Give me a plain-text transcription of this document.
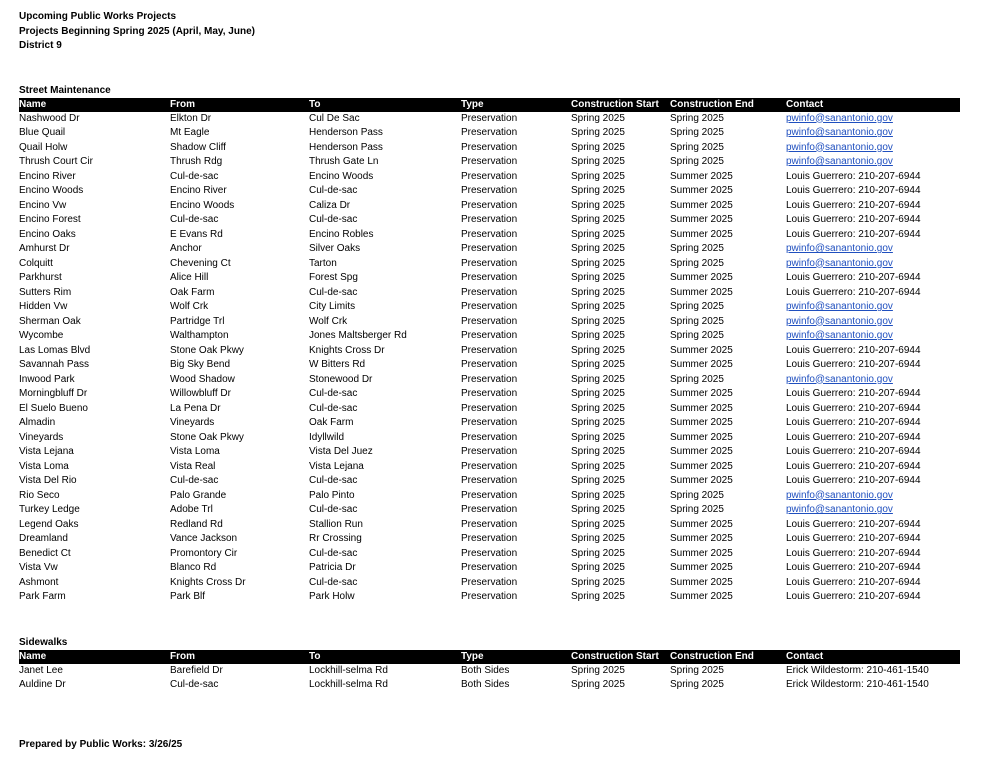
Upcoming Public Works Projects
Projects Beginning Spring 2025 (April, May, June)
District 9
Street Maintenance
Name	From	To	Type	Construction Start	Construction End	Contact
Nashwood Dr	Elkton Dr	Cul De Sac	Preservation	Spring 2025	Spring 2025	pwinfo@sanantonio.gov
Blue Quail	Mt Eagle	Henderson Pass	Preservation	Spring 2025	Spring 2025	pwinfo@sanantonio.gov
Quail Holw	Shadow Cliff	Henderson Pass	Preservation	Spring 2025	Spring 2025	pwinfo@sanantonio.gov
Thrush Court Cir	Thrush Rdg	Thrush Gate Ln	Preservation	Spring 2025	Spring 2025	pwinfo@sanantonio.gov
Encino River	Cul-de-sac	Encino Woods	Preservation	Spring 2025	Summer 2025	Louis Guerrero: 210-207-6944
Encino Woods	Encino River	Cul-de-sac	Preservation	Spring 2025	Summer 2025	Louis Guerrero: 210-207-6944
Encino Vw	Encino Woods	Caliza Dr	Preservation	Spring 2025	Summer 2025	Louis Guerrero: 210-207-6944
Encino Forest	Cul-de-sac	Cul-de-sac	Preservation	Spring 2025	Summer 2025	Louis Guerrero: 210-207-6944
Encino Oaks	E Evans Rd	Encino Robles	Preservation	Spring 2025	Summer 2025	Louis Guerrero: 210-207-6944
Amhurst Dr	Anchor	Silver Oaks	Preservation	Spring 2025	Spring 2025	pwinfo@sanantonio.gov
Colquitt	Chevening Ct	Tarton	Preservation	Spring 2025	Spring 2025	pwinfo@sanantonio.gov
Parkhurst	Alice Hill	Forest Spg	Preservation	Spring 2025	Summer 2025	Louis Guerrero: 210-207-6944
Sutters Rim	Oak Farm	Cul-de-sac	Preservation	Spring 2025	Summer 2025	Louis Guerrero: 210-207-6944
Hidden Vw	Wolf Crk	City Limits	Preservation	Spring 2025	Spring 2025	pwinfo@sanantonio.gov
Sherman Oak	Partridge Trl	Wolf Crk	Preservation	Spring 2025	Spring 2025	pwinfo@sanantonio.gov
Wycombe	Walthampton	Jones Maltsberger Rd	Preservation	Spring 2025	Spring 2025	pwinfo@sanantonio.gov
Las Lomas Blvd	Stone Oak Pkwy	Knights Cross Dr	Preservation	Spring 2025	Summer 2025	Louis Guerrero: 210-207-6944
Savannah Pass	Big Sky Bend	W Bitters Rd	Preservation	Spring 2025	Summer 2025	Louis Guerrero: 210-207-6944
Inwood Park	Wood Shadow	Stonewood Dr	Preservation	Spring 2025	Spring 2025	pwinfo@sanantonio.gov
Morningbluff Dr	Willowbluff Dr	Cul-de-sac	Preservation	Spring 2025	Summer 2025	Louis Guerrero: 210-207-6944
El Suelo Bueno	La Pena Dr	Cul-de-sac	Preservation	Spring 2025	Summer 2025	Louis Guerrero: 210-207-6944
Almadin	Vineyards	Oak Farm	Preservation	Spring 2025	Summer 2025	Louis Guerrero: 210-207-6944
Vineyards	Stone Oak Pkwy	Idyllwild	Preservation	Spring 2025	Summer 2025	Louis Guerrero: 210-207-6944
Vista Lejana	Vista Loma	Vista Del Juez	Preservation	Spring 2025	Summer 2025	Louis Guerrero: 210-207-6944
Vista Loma	Vista Real	Vista Lejana	Preservation	Spring 2025	Summer 2025	Louis Guerrero: 210-207-6944
Vista Del Rio	Cul-de-sac	Cul-de-sac	Preservation	Spring 2025	Summer 2025	Louis Guerrero: 210-207-6944
Rio Seco	Palo Grande	Palo Pinto	Preservation	Spring 2025	Spring 2025	pwinfo@sanantonio.gov
Turkey Ledge	Adobe Trl	Cul-de-sac	Preservation	Spring 2025	Spring 2025	pwinfo@sanantonio.gov
Legend Oaks	Redland Rd	Stallion Run	Preservation	Spring 2025	Summer 2025	Louis Guerrero: 210-207-6944
Dreamland	Vance Jackson	Rr Crossing	Preservation	Spring 2025	Summer 2025	Louis Guerrero: 210-207-6944
Benedict Ct	Promontory Cir	Cul-de-sac	Preservation	Spring 2025	Summer 2025	Louis Guerrero: 210-207-6944
Vista Vw	Blanco Rd	Patricia Dr	Preservation	Spring 2025	Summer 2025	Louis Guerrero: 210-207-6944
Ashmont	Knights Cross Dr	Cul-de-sac	Preservation	Spring 2025	Summer 2025	Louis Guerrero: 210-207-6944
Park Farm	Park Blf	Park Holw	Preservation	Spring 2025	Summer 2025	Louis Guerrero: 210-207-6944
Sidewalks
Name	From	To	Type	Construction Start	Construction End	Contact
Janet Lee	Barefield Dr	Lockhill-selma Rd	Both Sides	Spring 2025	Spring 2025	Erick Wildestorm: 210-461-1540
Auldine Dr	Cul-de-sac	Lockhill-selma Rd	Both Sides	Spring 2025	Spring 2025	Erick Wildestorm: 210-461-1540
Prepared by Public Works: 3/26/25
